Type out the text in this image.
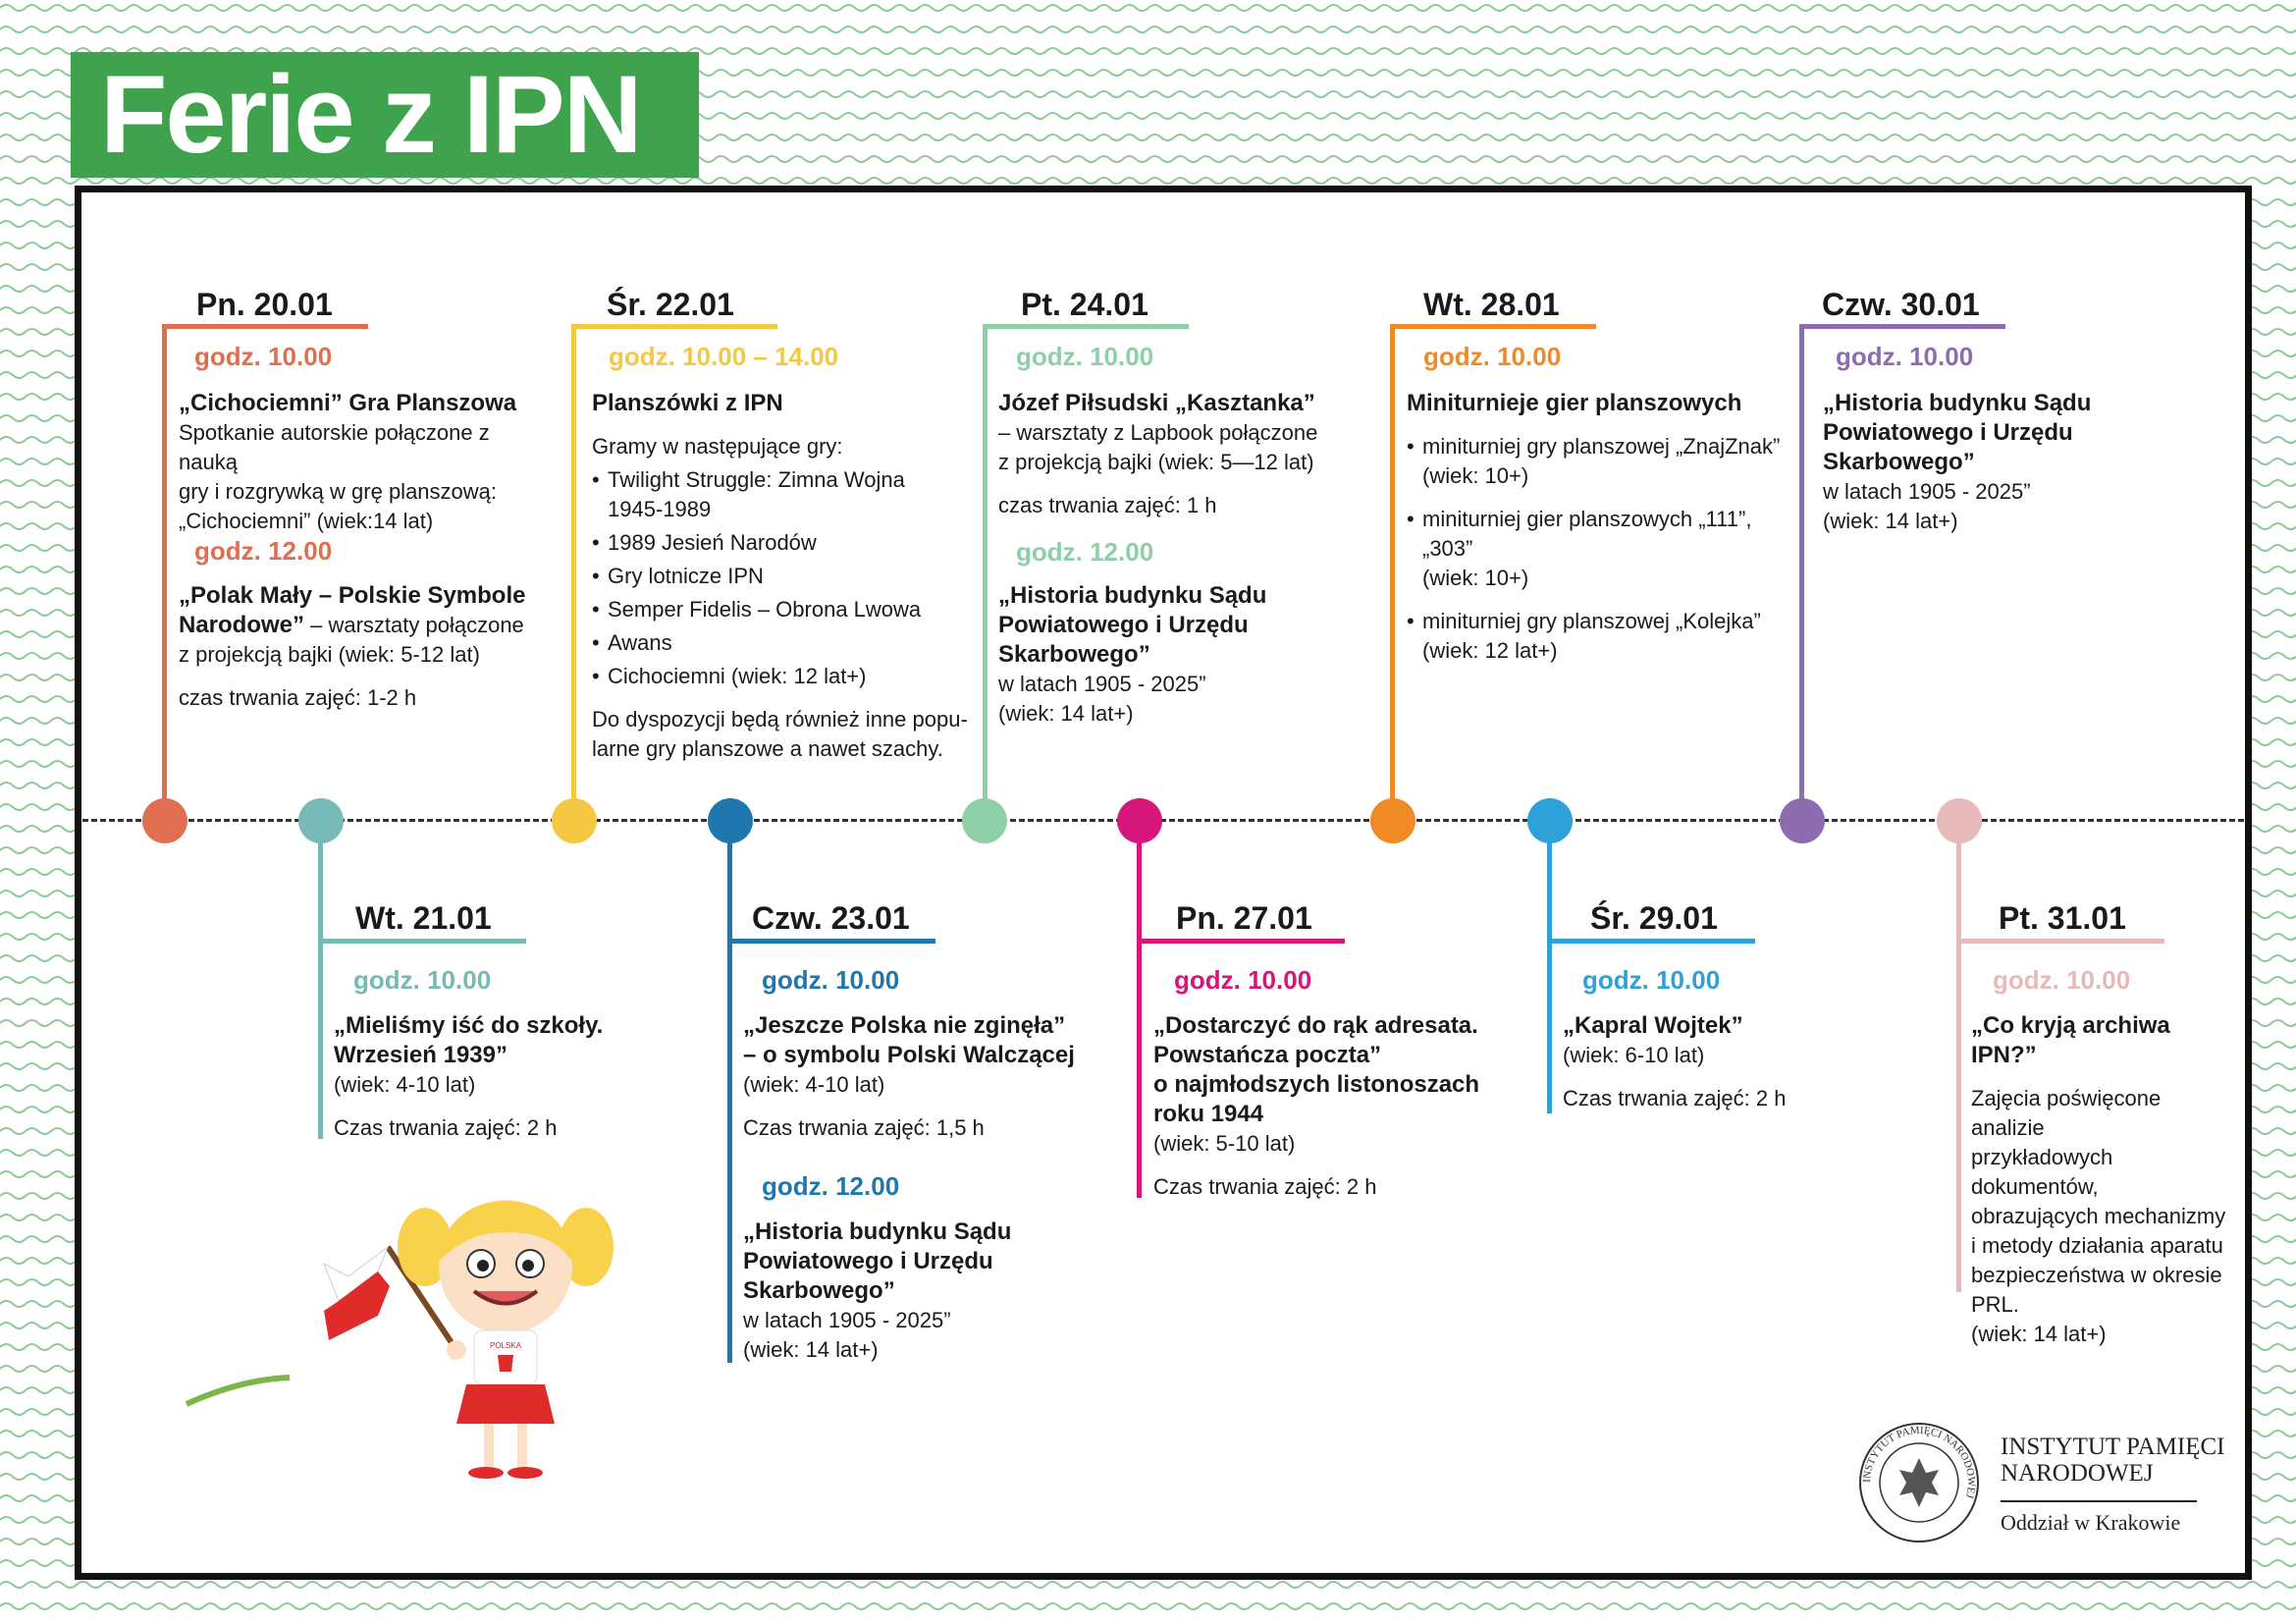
Ferie z IPN
Pn. 20.01
godz. 10.00

„Cichociemni” Gra Planszowa

Spotkanie autorskie połączone z nauką

gry i rozgrywką w grę planszową:

„Cichociemni” (wiek:14 lat)

godz. 12.00

„Polak Mały – Polskie Symbole

Narodowe” – warsztaty połączone

z projekcją bajki (wiek: 5-12 lat)

czas trwania zajęć: 1-2 h

Wt. 21.01
godz. 10.00

„Mieliśmy iść do szkoły.

Wrzesień 1939”

(wiek: 4-10 lat)

Czas trwania zajęć: 2 h

Śr. 22.01
godz. 10.00 – 14.00

Planszówki z IPN

Gramy w następujące gry:

• Twilight Struggle: Zimna Wojna

1945-1989

• 1989 Jesień Narodów
• Gry lotnicze IPN
• Semper Fidelis – Obrona Lwowa
• Awans
• Cichociemni (wiek: 12 lat+)

Do dyspozycji będą również inne popu-

larne gry planszowe a nawet szachy.

Czw. 23.01
godz. 10.00

„Jeszcze Polska nie zginęła”

– o symbolu Polski Walczącej

(wiek: 4-10 lat)

Czas trwania zajęć: 1,5 h

godz. 12.00

„Historia budynku Sądu

Powiatowego i Urzędu

Skarbowego”

w latach 1905 - 2025”

(wiek: 14 lat+)

Pt. 24.01
godz. 10.00

Józef Piłsudski „Kasztanka”

– warsztaty z Lapbook połączone

z projekcją bajki (wiek: 5—12 lat)

czas trwania zajęć: 1 h

godz. 12.00

„Historia budynku Sądu

Powiatowego i Urzędu

Skarbowego”

w latach 1905 - 2025”

(wiek: 14 lat+)

Pn. 27.01
godz. 10.00

„Dostarczyć do rąk adresata.

Powstańcza poczta”

o najmłodszych listonoszach

roku 1944

(wiek: 5-10 lat)

Czas trwania zajęć: 2 h

Wt. 28.01
godz. 10.00

Miniturnieje gier planszowych

• miniturniej gry planszowej „ZnajZnak”

(wiek: 10+)

• miniturniej gier planszowych „111”,

„303”

(wiek: 10+)

• miniturniej gry planszowej „Kolejka”

(wiek: 12 lat+)

Śr. 29.01
godz. 10.00

„Kapral Wojtek”

(wiek: 6-10 lat)

Czas trwania zajęć: 2 h

Czw. 30.01
godz. 10.00

„Historia budynku Sądu

Powiatowego i Urzędu

Skarbowego”

w latach 1905 - 2025”

(wiek: 14 lat+)

Pt. 31.01
godz. 10.00

„Co kryją archiwa

IPN?”

Zajęcia poświęcone analizie

przykładowych dokumentów,

obrazujących mechanizmy

i metody działania aparatu

bezpieczeństwa w okresie

PRL.

(wiek: 14 lat+)

POLSKA
INSTYTUT PAMIĘCI NARODOWEJ
INSTYTUT PAMIĘCI
NARODOWEJ
Oddział w Krakowie
